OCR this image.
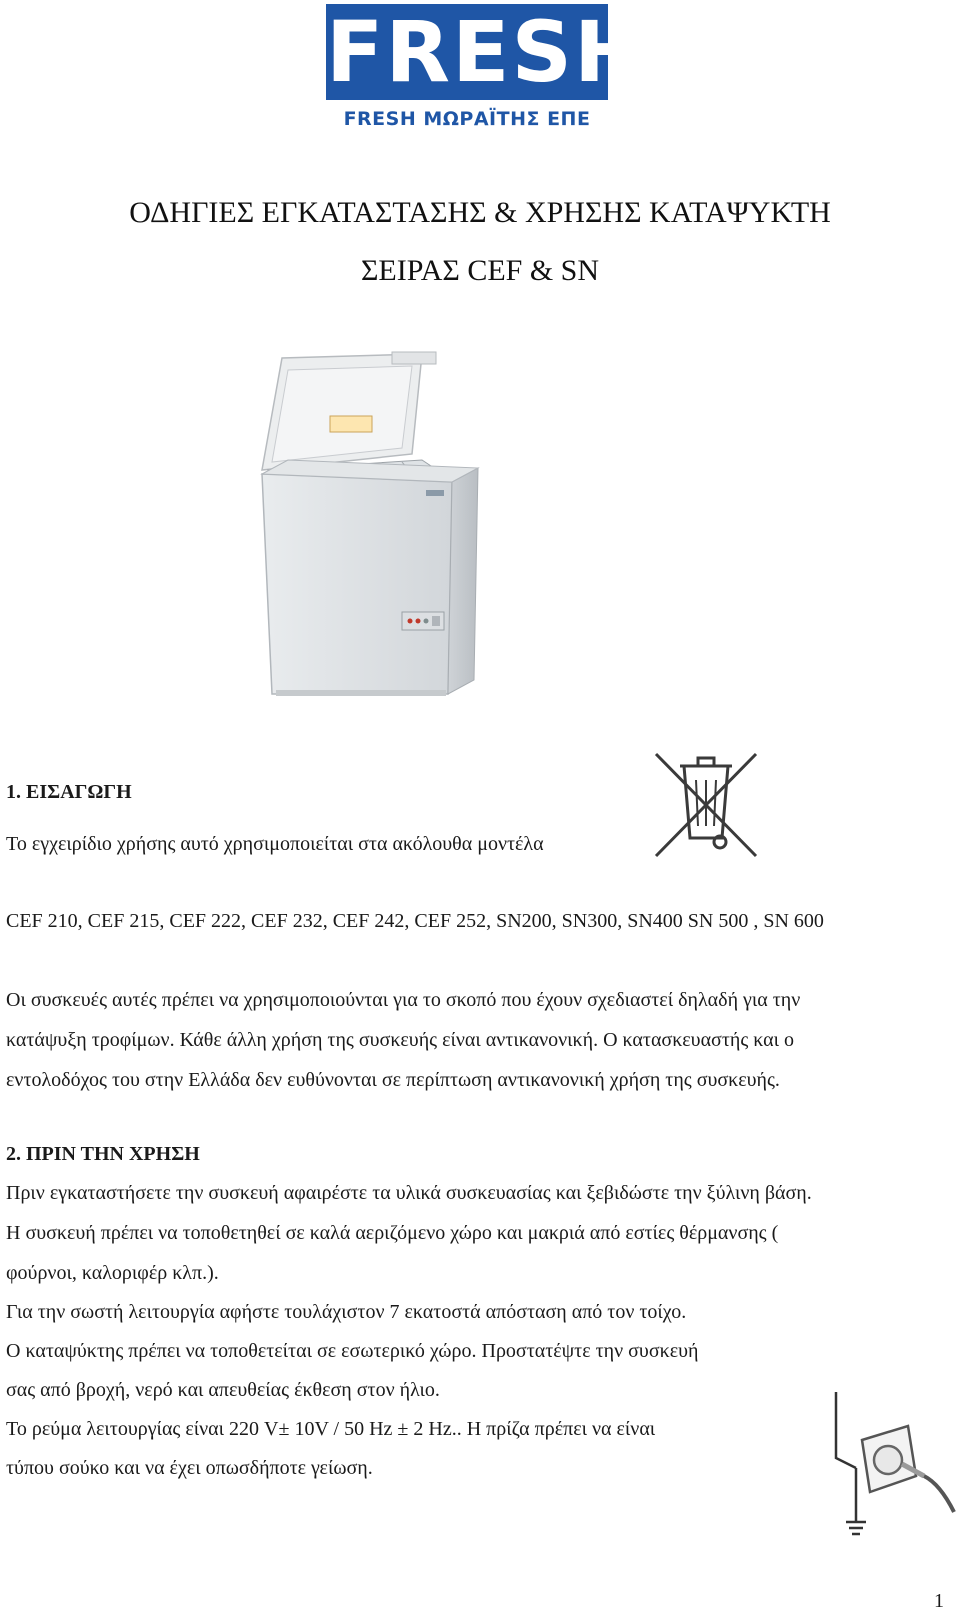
FRESH
FRESH ΜΩΡΑΪΤΗΣ ΕΠΕ
ΟΔΗΓΙΕΣ ΕΓΚΑΤΑΣΤΑΣΗΣ & ΧΡΗΣΗΣ ΚΑΤΑΨΥΚΤΗ
ΣΕΙΡΑΣ CEF & SN
1. ΕΙΣΑΓΩΓΗ
Το εγχειρίδιο χρήσης αυτό χρησιμοποιείται στα ακόλουθα μοντέλα
CEF 210, CEF 215, CEF 222, CEF 232, CEF 242, CEF 252, SN200, SN300, SN400 SN 500 , SN 600
Οι συσκευές αυτές πρέπει να χρησιμοποιούνται για το σκοπό που έχουν σχεδιαστεί δηλαδή για την
κατάψυξη τροφίμων. Κάθε άλλη χρήση της συσκευής είναι αντικανονική. Ο κατασκευαστής και ο
εντολοδόχος του στην Ελλάδα δεν ευθύνονται σε περίπτωση αντικανονική χρήση της συσκευής.
2. ΠΡΙΝ ΤΗΝ ΧΡΗΣΗ
Πριν εγκαταστήσετε την συσκευή αφαιρέστε τα υλικά συσκευασίας και ξεβιδώστε την ξύλινη βάση.
Η συσκευή πρέπει να τοποθετηθεί σε καλά αεριζόμενο χώρο και μακριά από εστίες θέρμανσης (
φούρνοι, καλοριφέρ κλπ.).
Για την σωστή λειτουργία αφήστε τουλάχιστον 7 εκατοστά απόσταση από τον τοίχο.
Ο καταψύκτης πρέπει να τοποθετείται σε εσωτερικό χώρο. Προστατέψτε την συσκευή
σας από βροχή, νερό και απευθείας έκθεση στον ήλιο.
Το ρεύμα λειτουργίας είναι 220 V± 10V / 50 Hz ± 2 Hz.. Η πρίζα πρέπει να είναι
τύπου σούκο και να έχει οπωσδήποτε γείωση.
1
